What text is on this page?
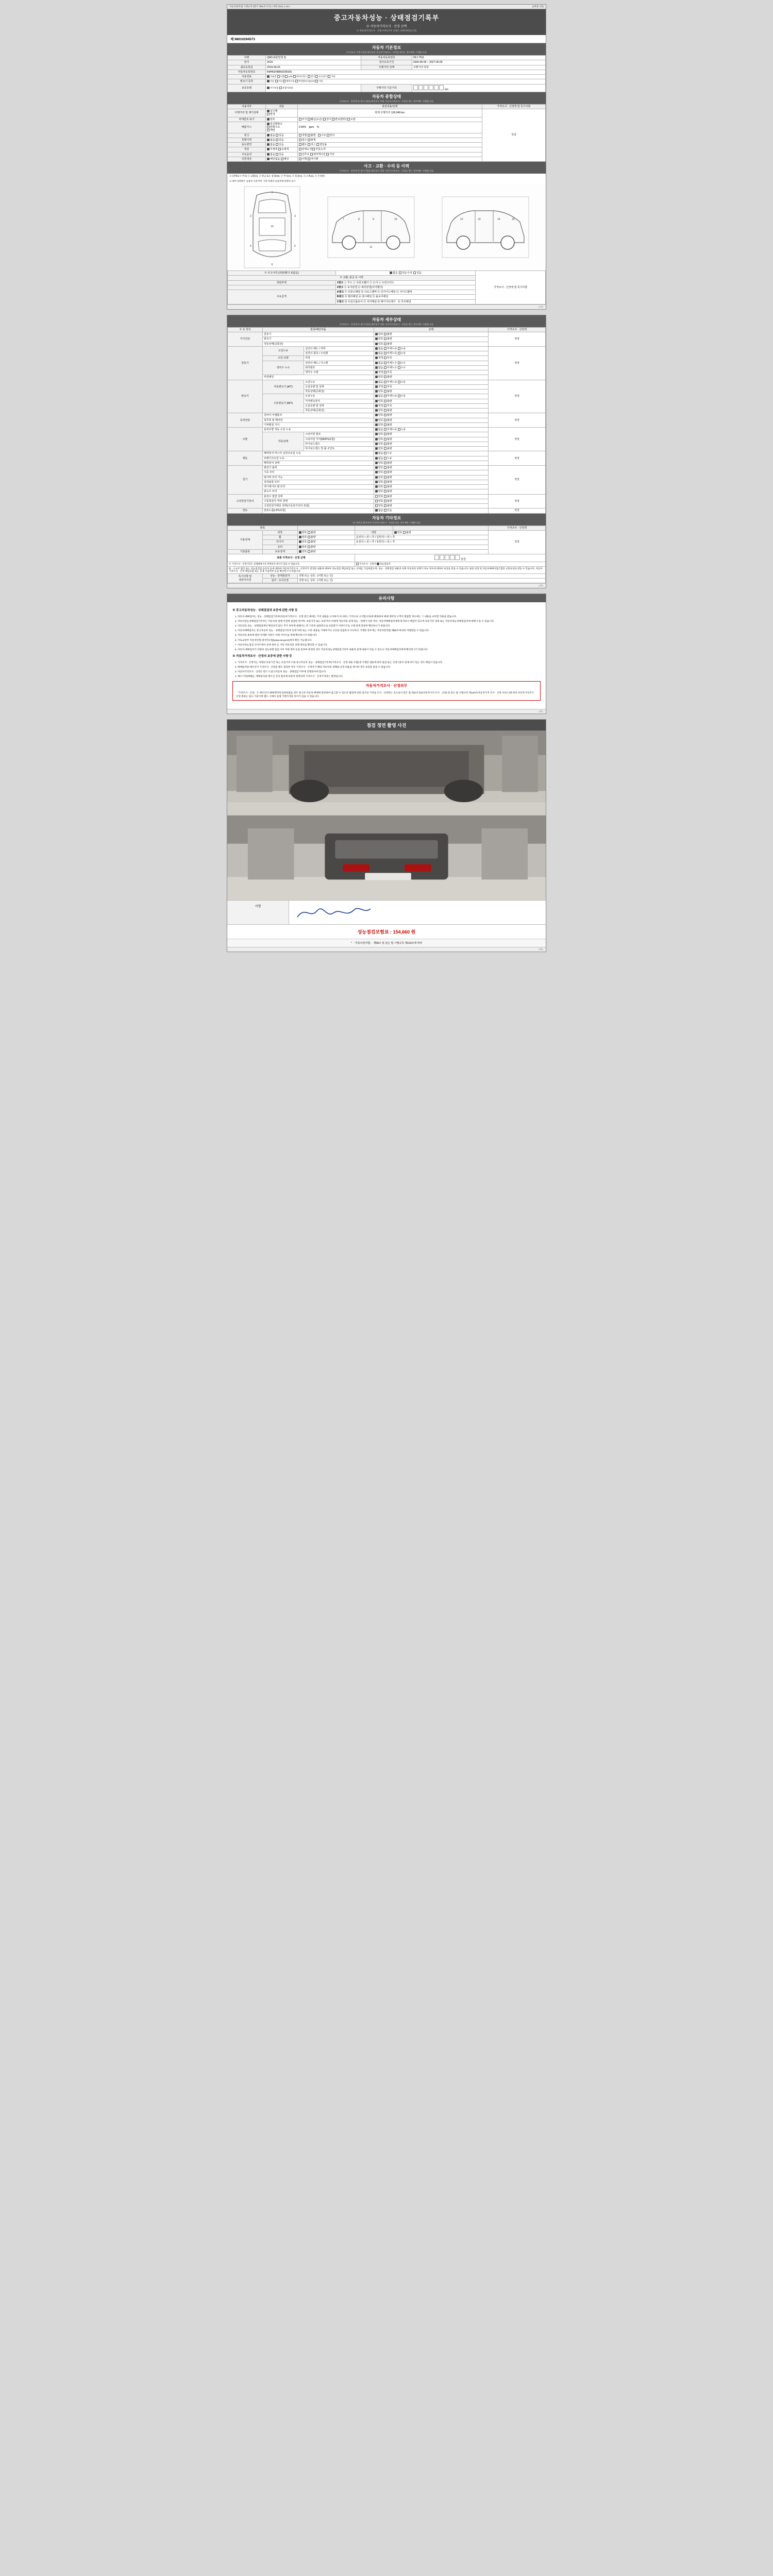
자동차관리법 시행규칙 [별지 제82호서식] <개정 2021.1.19.>	(4쪽중 1쪽)
중고자동차성능 · 상태점검기록부
※ 자동차가격조사 · 산정 선택
※ 자동차가격조사 · 산정 여부(가격 산정은 선택사항입니다)
제 98010294573
자동차 기본정보
(가격조사 기준가격을 확인만을 자동차가격조사 · 산정을 받아는 경우에만 기재합니다)
차명	QM3 (4륜밀델 3)	자동차등록번호	05오7911
연식	2019	검사유효기간	2025-05-05 ~ 2027-05-05
최초등록일	2019-04-26	주행거리 상태	주행거리 양호
자동차등록번호	KMHGFIB8AJ038106		
사용연료	가솔린 디젤 LPG 하이브리드 전기 수소전기 기타		
변속기 종류	자동 수동 세미오토 무단변속기(CVT) 기타		
보증유형	자가보증 보험사보증	주행거리 기준거리	km
자동차 종합상태
(가격조사 · 산정액 및 제시사항을 확인하기 위한 자동차가격조사 · 산정을 받는 경우에만 기재합니다)
사용여부	내용	점검내용/상태	가격조사 · 산정액 및 특기사항
주행거리 및 계기상태	실주행
변경	현재 주행거리 130,049 km	적정
차대번호 표기	양호	부식 훼손(오손) 상이 변조(변타) 도말	
배출가스	일산화탄소
탄화수소
매연	0.00% ppm %	
튜닝	없음 있음	적법 불법   구조 장치	
특별이력	없음 있음	침수 화재	
용도변경	없음 있음	렌트 리스 영업용	
색상	무채색 유채색	전체도색 부분도색	
주요옵션	없음 있음	선루프 내비게이션 기타	
리콜대상	해당없음 해당	이행 미이행	
사고 · 교환 · 수리 등 이력
(가격조사 · 산정액 및 제시사항을 확인하기 위한 자동차가격조사 · 산정을 받는 경우에만 기재합니다)
※ (상태표시 부호) ① 교환(X), ② 판금 또는 용접(W), ③ 부식(C), ④ 흠집(A), ⑤ 요철(U), ⑥ 손상(T)
※ 하부 입력방은 승용차 기준이며, 기타 차종의 승용차에 준하여 표시
1
2	3
16
4	5
6
7	8	9	10
11
12	13	14	15
※ 사고이력 (외판/렌더 표없음)	없음 단순수리 있음	가격조사 · 산정액 및 특기사항
※ 교환, 판금 등 이력		
외판부위	1랭크 ① 후드 ② 프론트휀더 ③ 도어 ④ 트렁크리드	
	2랭크 ⑤ 로어판넬 ⑥ 쿼터판넬(리어휀더)	
주요골격	A랭크 ⑨ 프론트패널 ⑩ 크로스멤버 ⑪ 인사이드패널 ⑫ 사이드멤버	
	B랭크 ⑬ 필러패널 ⑭ 대시패널 ⑮ 플로어패널	
	C랭크 ⑯ 트렁크플로어 ⑰ 리어패널 ⑱ 패키지트레이 ⑲ 루프패널	
(1쪽)
자동차 세부상태
(가격조사 · 산정액 및 제시사항을 확인하기 위한 자동차가격조사 · 산정을 받는 경우에만 기재합니다)
주 요 장치	항목/해당부품		상태	가격조사 · 산정액
자기진단	원동기		양호 불량	적정
	변속기		양호 불량	
	작동상태(공회전)		양호 불량	
원동기	오일누유	실린더 헤드 / 커버	없음 미세누유 누유	적정
		실린더 블록 / 오일팬	없음 미세누유 누유	
	오일 유량	적정	적정 부족	
	냉각수 누수	실린더 헤드 / 가스켓	없음 미세누수 누수	
		워터펌프	없음 미세누수 누수	
		냉각수 수량	적정 부족	
	커먼레일		양호 불량	
변속기	자동변속기 (A/T)	오일누유	없음 미세누유 누유	적정
		오일유량 및 상태	적정 부족	
		작동상태(공회전)	양호 불량	
	수동변속기 (M/T)	오일누유	없음 미세누유 누유	
		기어변속장치	양호 불량	
		오일유량 및 상태	적정 부족	
		작동상태(공회전)	양호 불량	
동력전달	클러치 어셈블리		양호 불량	적정
	축추축 및 베어링		양호 불량	
	디퍼렌셜 기어		양호 불량	
조향	동력조향 작동 오일 누유		없음 미세누유 누유	적정
	작동상태	스티어링 펌프	양호 불량	
		스티어링 기어(MDPS포함)	양호 불량	
		타이로드엔드	양호 불량	
		타이로드엔드 및 볼 조인트	양호 불량	
제동	배력장치 마스터 실린더오일 누유		없음 누유	적정
	브레이크오일 누유		없음 누유	
	배력장치 상태		양호 불량	
전기	발전기 출력		양호 불량	적정
	시동 모터		양호 불량	
	와이퍼 모터 기능		양호 불량	
	실내송풍 모터		양호 불량	
	라디에이터 팬 모터		양호 불량	
	윈도우 모터		양호 불량	
고전원전기장치	충전구 절연 상태		양호 불량	적정
	구동축전지 격리 상태		양호 불량	
	고전원전기배선 상태(구동전기모터 포함)		양호 불량	
연료	연료누출(LPG포함)		없음 있음	적정
자동차 기타정보
(※ 항목을 확인하여 자동차가격조사 · 산정을 받는 경우에만 기재합니다)
항목					가격조사 · 산정액
사용상태	외장	양호 불량	내장	양호 불량	적정
	휠	양호 불량	운전석 □ 전 □ 후 / 동반석 □ 전 □ 후		
	타이어	양호 불량	운전석 □ 전 □ 후 / 동반석 □ 전 □ 후		
	유리	양호 불량			
기본품목	보유상태	양호 불량			
최종 가격조사 · 산정 금액			만원		
※ 가격조사 · 산정가격은 실제매매가격 차액보다 차이가 있을 수 있습니다.			가격조사 · 산정자 성능점검자		
중 · 소규모 법인 또는 성능점검업 등록자 등에 대하여 자동차가격조사 · 산정자가 점검한 내용에 대하여 성능점검 책임보험 또는 공제를 가입하였으며, 성능 · 상태점검 내용과 실제 자동차의 상태가 다른 경우에 대하여 보상을 받을 수 있습니다. 또한 일정 및 자동차매매사업조합의 교통보상을 받을 수 있습니다. 자동차가격조사 · 산정 책임보험 또는 공제 가입여부 등을 확인하시기 바랍니다.					
특기사항 및
점검자의견	성능 · 상태점검자	성명 또는 상호 : (서명 또는 인)			
	검사 · 조사산정	성명 또는 상호 : (서명 또는 인)			
(2쪽)
유의사항
※ 중고자동차성능 · 상태점검과 보증에 관한 사항 등
1. 자동차 매매업자는 성능 · 상태점검기록부(자동차가격조사 · 산정 받은 때에는 가격 내용을 고지하지 아니하는 가격으로 고지합니다)에 해당하여 매매 계약상 고객이 열람할 경우에는 그 내용을 교부할 적용을 받습니다.
2. 자동차성능상태점검기록부는 자동차의 판매 이전에 점검한 바이며, 보증기간 또는 보증거리 이내에 자동차의 실제 성능 · 상태가 다른 경우, 자동차매매업자에게 하자보수 책임이 있으며 보증기간 경과 또는 자동차성능상태점검자에 대해 소송 수 있습니다.
3. 자동차의 성능 · 상태점검에서 확인되지 않은 추가 하자에 대해서는 본 기록부 내용만으로 보증받기 어려우므로 구매 전에 충분히 확인하시기 바랍니다.
4. 자동차매매업자는 중고자동차 성능 · 상태점검기록부 등에 허위 또는 오류 내용을 기재하거나 고의로 점검하지 아니하고 기재한 경우에는 자동차관리법 제58조에 따라 처벌받을 수 있습니다.
5. 자동차의 종류에 관한 자세한 사항은 아래 사이트를 통해 확인하시기 바랍니다.
6. 국토교통부 자동차민원 대국민포털(www.car.go.kr)에서 확인 가능합니다.
7. 자동차성능점검 사이트에서 상세 정보 등 기타 자동차의 상태 정보를 확인할 수 있습니다.
8. 자동차 매매업자가 차량의 성능상태 점검 이후 차량 정비 등을 통하여 변경된 경우 자동차성능상태점검기록부 내용과 실제 내용이 다를 수 있으니 자동차매매업자에게 확인하시기 바랍니다.
※ 자동차가격조사 · 산정의 보증에 관한 사항 등
1. 가격조사 · 산정자는 아래의 보증기간 또는 보증거리 이내 중고자동차 성능 · 상태점검기록부(가격조사 · 산정 내용 포함)에 기재된 내용에 따라 점검 또는 산정기준이 실제 차이 있는 경우 책임이 있습니다.
2. 매매업자와 매수인이 가격조사 · 산정을 별도 합의한 경우 가격조사 · 산정자가 해당 자동차의 상태와 산정 비율을 제시한 경우 보증을 받을 수 있습니다.
3. 자동차가격조사 · 산정은 반드시 중고자동차 성능 · 상태점검 이후에 진행되어야 합니다.
4. 매도가격(매매)는 매매업자와 매수인 간의 합의에 의하여 결정되며 가격조사 · 산정가격과는 별개입니다.
자동차가격조사 · 산정의무
「가격조사 · 산정」은 매수인이 매매계약에 의뢰하였을 경우 중고차 자동차 매매에 관련하여 참고할 수 있도록 법령에 의한 검사의 가격을 조사 · 산정하는 것으로서 같은 법 제47조의2(자동차가격 조사 · 산정) 및 같은 법 시행규칙 제120조(자동차가격 조사 · 산정 서비스)에 따라 자동차가격조사 · 산정 결과는 참고 기준이며 별도 구매자 실제 거래가격과 차이가 있을 수 있습니다.
(3쪽)
점검 정면 촬영 사진
서명
성능점검보험료 : 154,660 원
* 「자동차관리법」 제58조 및 같은 법 시행규칙 제120조에 따라
(4쪽)
